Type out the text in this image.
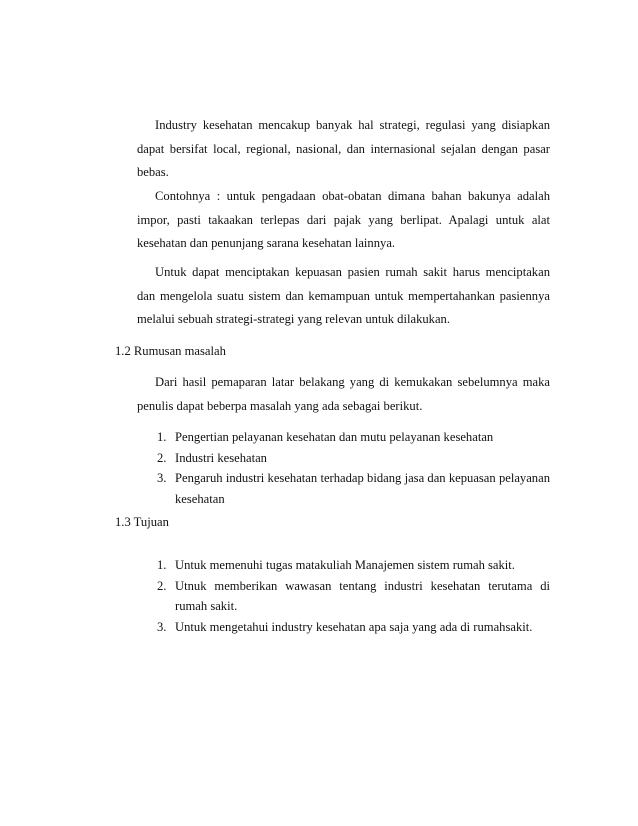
Industry kesehatan mencakup banyak hal strategi, regulasi yang disiapkan dapat bersifat local, regional, nasional, dan internasional sejalan dengan pasar bebas.

Contohnya : untuk pengadaan obat-obatan dimana bahan bakunya adalah impor, pasti takaakan terlepas dari pajak yang berlipat. Apalagi untuk alat kesehatan dan penunjang sarana kesehatan lainnya.

Untuk dapat menciptakan kepuasan pasien rumah sakit harus menciptakan dan mengelola suatu sistem dan kemampuan untuk mempertahankan pasiennya melalui sebuah strategi-strategi yang relevan untuk dilakukan.

1.2 Rumusan masalah

Dari hasil pemaparan latar belakang yang di kemukakan sebelumnya maka penulis dapat beberpa masalah yang ada sebagai berikut.

1. Pengertian pelayanan kesehatan dan mutu pelayanan kesehatan
2. Industri kesehatan
3. Pengaruh industri kesehatan terhadap bidang jasa dan kepuasan pelayanan kesehatan
1.3 Tujuan
1. Untuk memenuhi tugas matakuliah Manajemen sistem rumah sakit.
2. Utnuk memberikan wawasan tentang industri kesehatan terutama di rumah sakit.
3. Untuk mengetahui industry kesehatan apa saja yang ada di rumahsakit.
